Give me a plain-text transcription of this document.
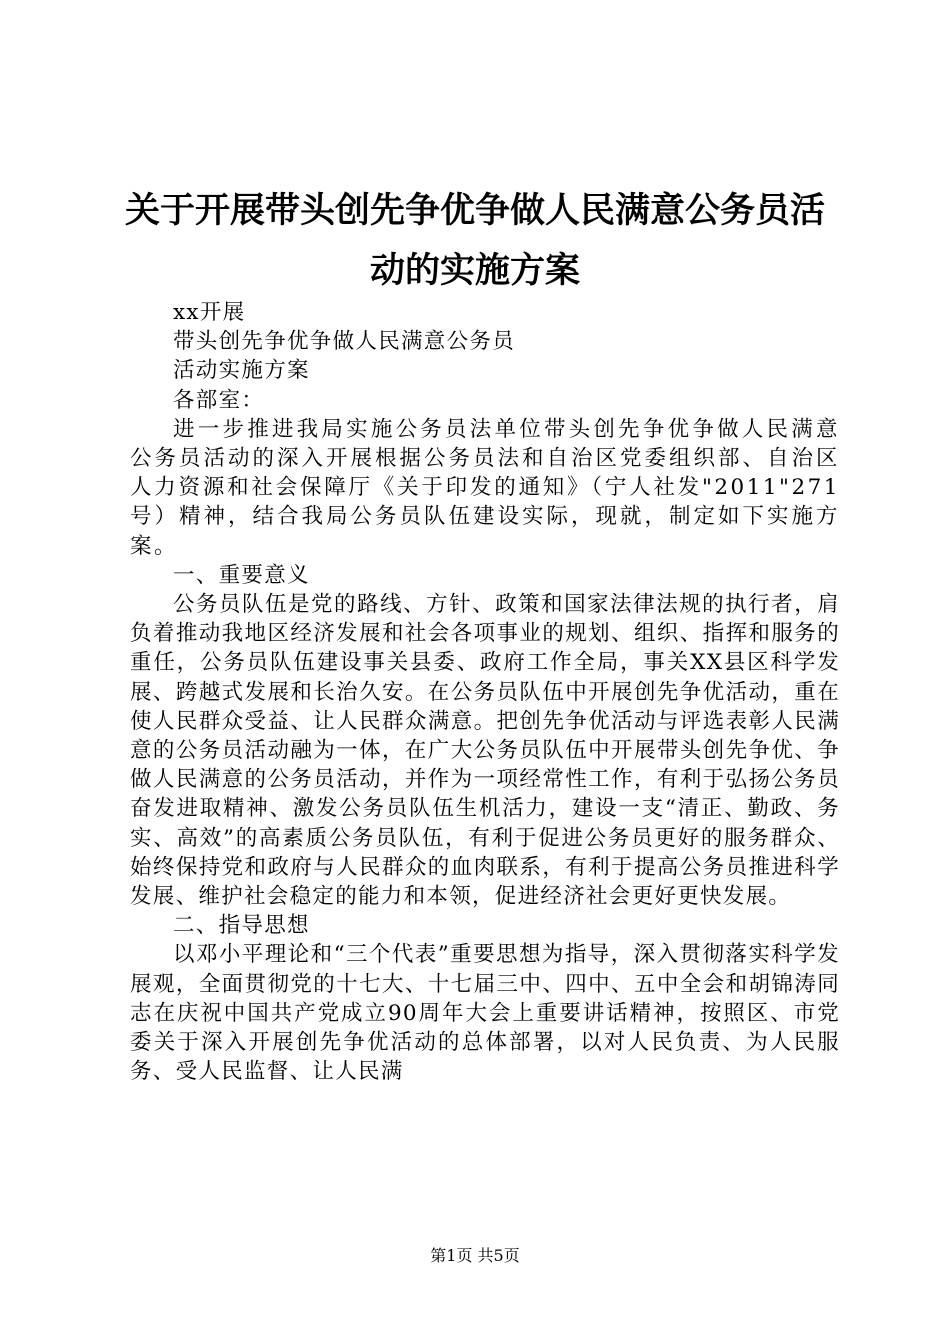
关于开展带头创先争优争做人民满意公务员活
动的实施方案

xx开展

带头创先争优争做人民满意公务员

活动实施方案

各部室：

进一步推进我局实施公务员法单位带头创先争优争做人民满意公务员活动的深入开展根据公务员法和自治区党委组织部、自治区人力资源和社会保障厅《关于印发的通知》（宁人社发"2011"271号）精神，结合我局公务员队伍建设实际，现就，制定如下实施方案。

一、重要意义

公务员队伍是党的路线、方针、政策和国家法律法规的执行者，肩负着推动我地区经济发展和社会各项事业的规划、组织、指挥和服务的重任，公务员队伍建设事关县委、政府工作全局，事关XX县区科学发展、跨越式发展和长治久安。在公务员队伍中开展创先争优活动，重在使人民群众受益、让人民群众满意。把创先争优活动与评选表彰人民满意的公务员活动融为一体，在广大公务员队伍中开展带头创先争优、争做人民满意的公务员活动，并作为一项经常性工作，有利于弘扬公务员奋发进取精神、激发公务员队伍生机活力，建设一支“清正、勤政、务实、高效”的高素质公务员队伍，有利于促进公务员更好的服务群众、始终保持党和政府与人民群众的血肉联系，有利于提高公务员推进科学发展、维护社会稳定的能力和本领，促进经济社会更好更快发展。

二、指导思想

以邓小平理论和“三个代表”重要思想为指导，深入贯彻落实科学发展观，全面贯彻党的十七大、十七届三中、四中、五中全会和胡锦涛同志在庆祝中国共产党成立90周年大会上重要讲话精神，按照区、市党委关于深入开展创先争优活动的总体部署，以对人民负责、为人民服务、受人民监督、让人民满

第1页 共5页
